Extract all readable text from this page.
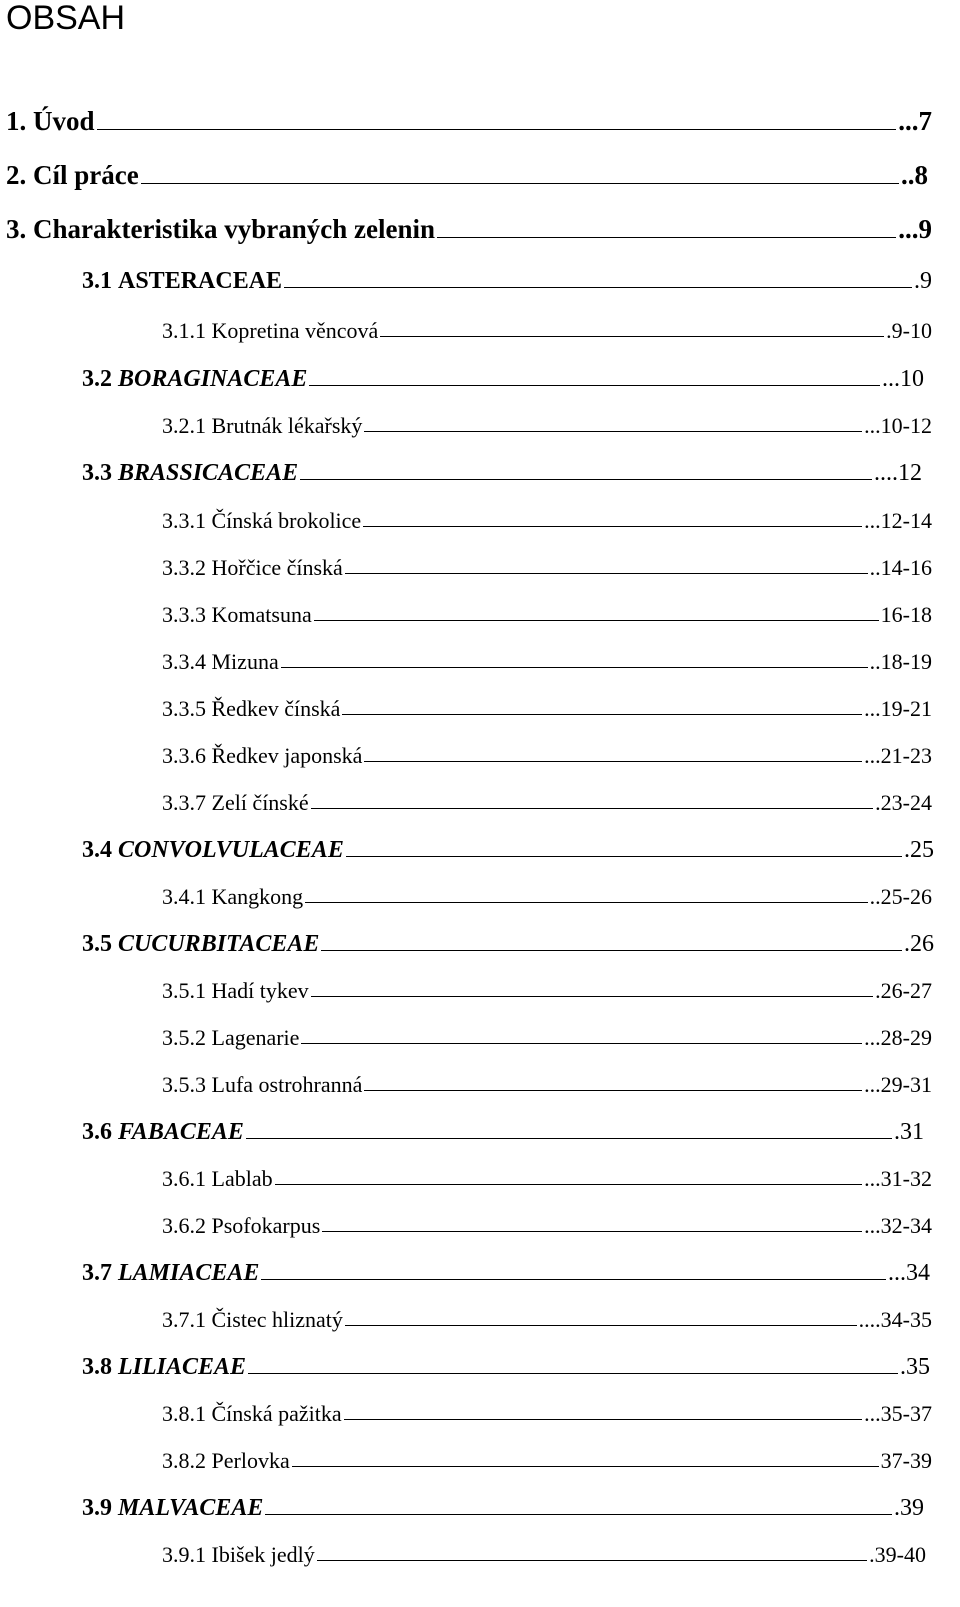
OBSAH
1. Úvod	...7
2. Cíl práce	..8
3. Charakteristika vybraných zelenin	...9
3.1 ASTERACEAE	.9
3.1.1 Kopretina věncová	.9-10
3.2 BORAGINACEAE	...10
3.2.1 Brutnák lékařský	...10-12
3.3 BRASSICACEAE	....12
3.3.1 Čínská brokolice	...12-14
3.3.2 Hořčice čínská	..14-16
3.3.3 Komatsuna	16-18
3.3.4 Mizuna	..18-19
3.3.5 Ředkev čínská	...19-21
3.3.6 Ředkev japonská	...21-23
3.3.7 Zelí čínské	.23-24
3.4 CONVOLVULACEAE	.25
3.4.1 Kangkong	..25-26
3.5 CUCURBITACEAE	.26
3.5.1 Hadí tykev	.26-27
3.5.2 Lagenarie	...28-29
3.5.3 Lufa ostrohranná	...29-31
3.6 FABACEAE	.31
3.6.1 Lablab	...31-32
3.6.2 Psofokarpus	...32-34
3.7 LAMIACEAE	...34
3.7.1 Čistec hliznatý	....34-35
3.8 LILIACEAE	.35
3.8.1 Čínská pažitka	...35-37
3.8.2 Perlovka	37-39
3.9 MALVACEAE	.39
3.9.1 Ibišek jedlý	.39-40
